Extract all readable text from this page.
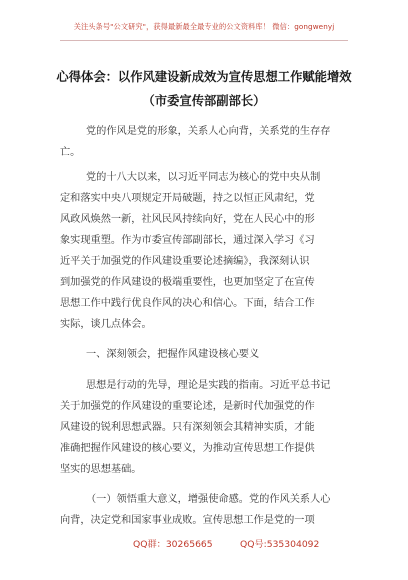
关注头条号"公文研究"，获得最新最全最专业的公文资料库！ 微信：gongwenyj
心得体会：以作风建设新成效为宣传思想工作赋能增效
（市委宣传部副部长）
党的作风是党的形象，关系人心向背，关系党的生存存
亡。
党的十八大以来，以习近平同志为核心的党中央从制
定和落实中央八项规定开局破题，持之以恒正风肃纪，党
风政风焕然一新，社风民风持续向好，党在人民心中的形
象实现重塑。作为市委宣传部副部长，通过深入学习《习
近平关于加强党的作风建设重要论述摘编》，我深刻认识
到加强党的作风建设的极端重要性，也更加坚定了在宣传
思想工作中践行优良作风的决心和信心。下面，结合工作
实际，谈几点体会。
一、深刻领会，把握作风建设核心要义
思想是行动的先导，理论是实践的指南。习近平总书记
关于加强党的作风建设的重要论述，是新时代加强党的作
风建设的锐利思想武器。只有深刻领会其精神实质，才能
准确把握作风建设的核心要义，为推动宣传思想工作提供
坚实的思想基础。
（一）领悟重大意义，增强使命感。党的作风关系人心
向背，决定党和国家事业成败。宣传思想工作是党的一项
QQ群：30265665	QQ号:535304092
